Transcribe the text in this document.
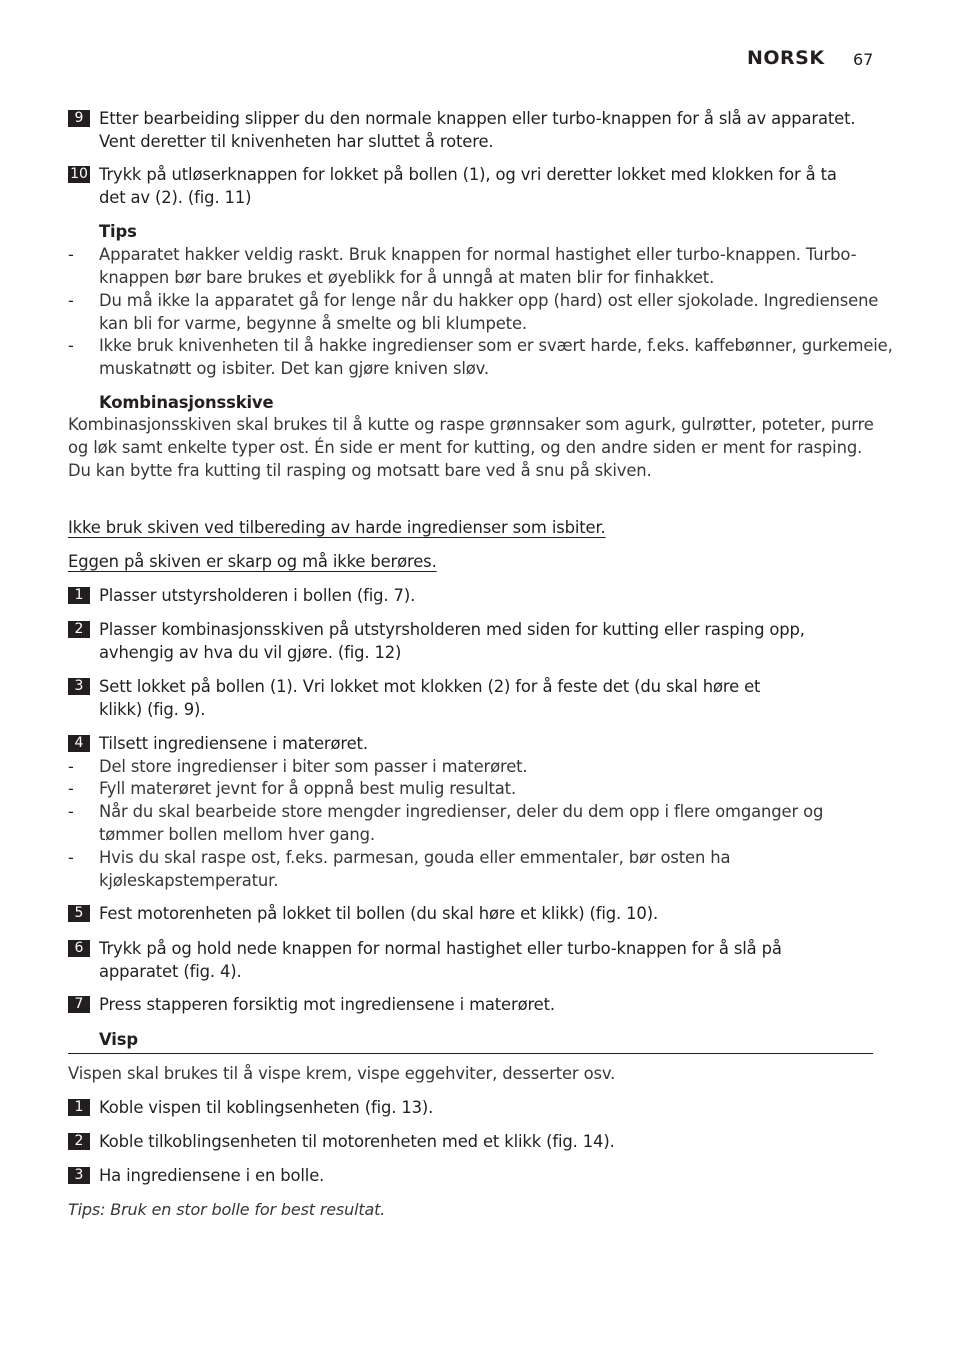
NORSK 67
9 Etter bearbeiding slipper du den normale knappen eller turbo-knappen for å slå av apparatet.
Vent deretter til knivenheten har sluttet å rotere.
10 Trykk på utløserknappen for lokket på bollen (1), og vri deretter lokket med klokken for å ta
det av (2). (fig. 11)
Tips
- Apparatet hakker veldig raskt. Bruk knappen for normal hastighet eller turbo-knappen. Turbo-
knappen bør bare brukes et øyeblikk for å unngå at maten blir for finhakket.
- Du må ikke la apparatet gå for lenge når du hakker opp (hard) ost eller sjokolade. Ingrediensene
kan bli for varme, begynne å smelte og bli klumpete.
- Ikke bruk knivenheten til å hakke ingredienser som er svært harde, f.eks. kaffebønner, gurkemeie,
muskatnøtt og isbiter. Det kan gjøre kniven sløv.
Kombinasjonsskive
Kombinasjonsskiven skal brukes til å kutte og raspe grønnsaker som agurk, gulrøtter, poteter, purre
og løk samt enkelte typer ost. Én side er ment for kutting, og den andre siden er ment for rasping.
Du kan bytte fra kutting til rasping og motsatt bare ved å snu på skiven.
Ikke bruk skiven ved tilbereding av harde ingredienser som isbiter.
Eggen på skiven er skarp og må ikke berøres.
1 Plasser utstyrsholderen i bollen (fig. 7).
2 Plasser kombinasjonsskiven på utstyrsholderen med siden for kutting eller rasping opp,
avhengig av hva du vil gjøre. (fig. 12)
3 Sett lokket på bollen (1). Vri lokket mot klokken (2) for å feste det (du skal høre et
klikk) (fig. 9).
4 Tilsett ingrediensene i materøret.
- Del store ingredienser i biter som passer i materøret.
- Fyll materøret jevnt for å oppnå best mulig resultat.
- Når du skal bearbeide store mengder ingredienser, deler du dem opp i flere omganger og
tømmer bollen mellom hver gang.
- Hvis du skal raspe ost, f.eks. parmesan, gouda eller emmentaler, bør osten ha
kjøleskapstemperatur.
5 Fest motorenheten på lokket til bollen (du skal høre et klikk) (fig. 10).
6 Trykk på og hold nede knappen for normal hastighet eller turbo-knappen for å slå på
apparatet (fig. 4).
7 Press stapperen forsiktig mot ingrediensene i materøret.
Visp
Vispen skal brukes til å vispe krem, vispe eggehviter, desserter osv.
1 Koble vispen til koblingsenheten (fig. 13).
2 Koble tilkoblingsenheten til motorenheten med et klikk (fig. 14).
3 Ha ingrediensene i en bolle.
Tips: Bruk en stor bolle for best resultat.
